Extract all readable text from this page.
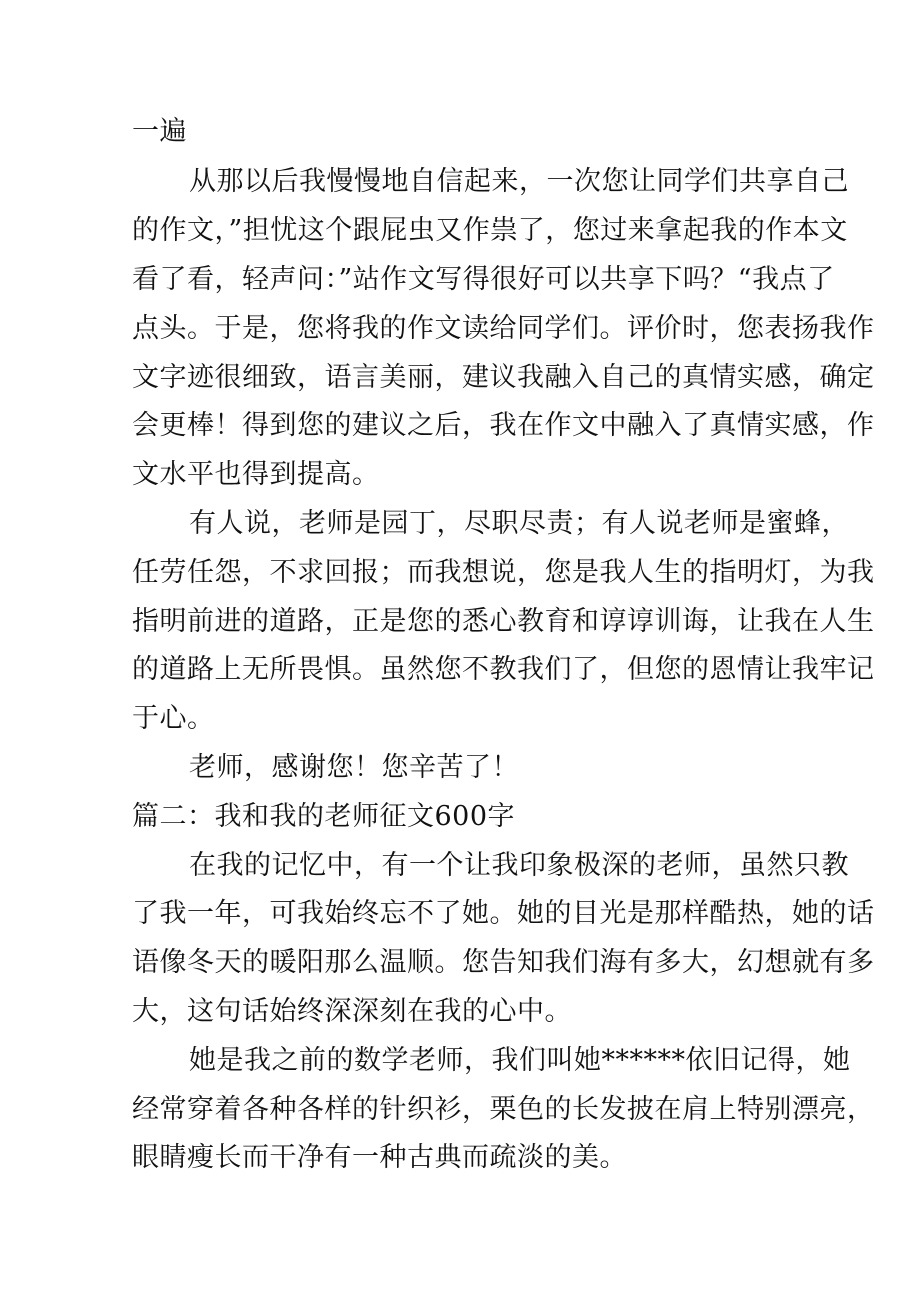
一遍
从那以后我慢慢地自信起来，一次您让同学们共享自己
的作文，”担忧这个跟屁虫又作祟了，您过来拿起我的作本文
看了看，轻声问：”站作文写得很好可以共享下吗？“我点了
点头。于是，您将我的作文读给同学们。评价时，您表扬我作
文字迹很细致，语言美丽，建议我融入自己的真情实感，确定
会更棒！得到您的建议之后，我在作文中融入了真情实感，作
文水平也得到提高。
有人说，老师是园丁，尽职尽责；有人说老师是蜜蜂，
任劳任怨，不求回报；而我想说，您是我人生的指明灯，为我
指明前进的道路，正是您的悉心教育和谆谆训诲，让我在人生
的道路上无所畏惧。虽然您不教我们了，但您的恩情让我牢记
于心。
老师，感谢您！您辛苦了！
篇二：我和我的老师征文600字
在我的记忆中，有一个让我印象极深的老师，虽然只教
了我一年，可我始终忘不了她。她的目光是那样酷热，她的话
语像冬天的暖阳那么温顺。您告知我们海有多大，幻想就有多
大，这句话始终深深刻在我的心中。
她是我之前的数学老师，我们叫她******依旧记得，她
经常穿着各种各样的针织衫，栗色的长发披在肩上特别漂亮，
眼睛瘦长而干净有一种古典而疏淡的美。
